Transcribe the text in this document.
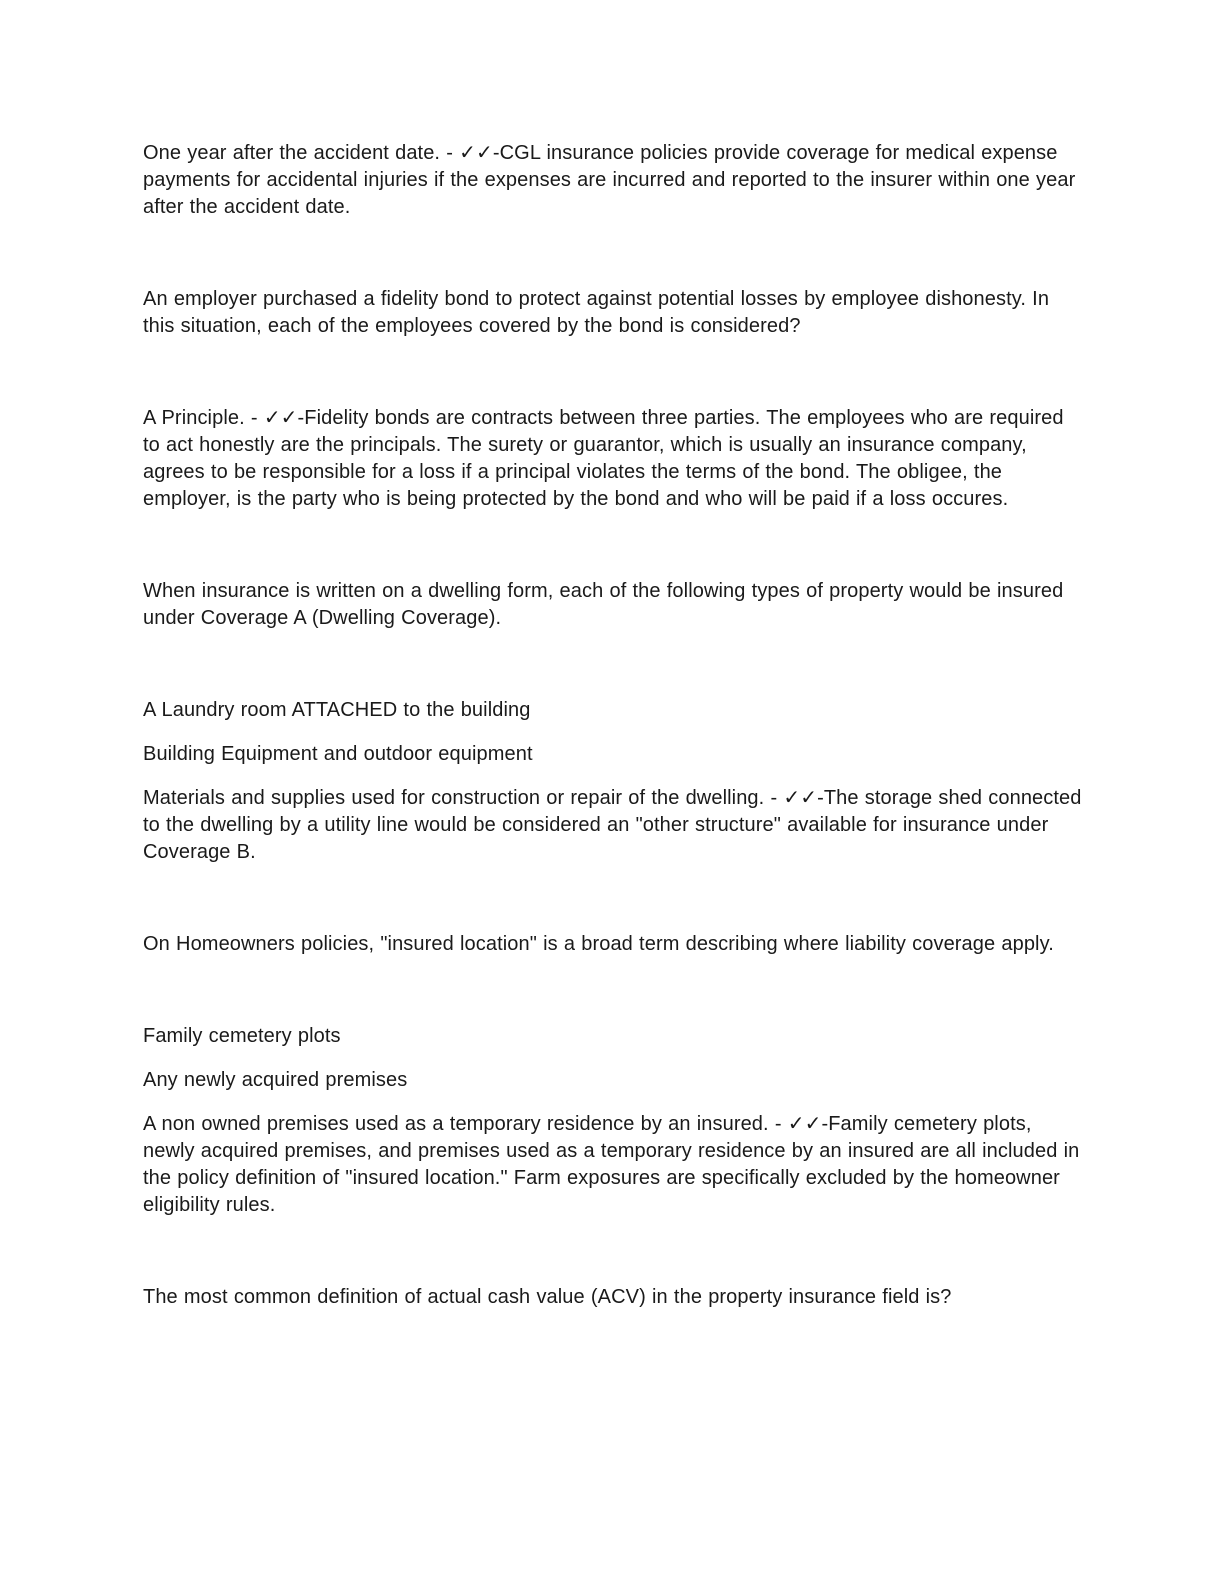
One year after the accident date. - ✓✓-CGL insurance policies provide coverage for medical expense payments for accidental injuries if the expenses are incurred and reported to the insurer within one year after the accident date.

An employer purchased a fidelity bond to protect against potential losses by employee dishonesty. In this situation, each of the employees covered by the bond is considered?

A Principle. - ✓✓-Fidelity bonds are contracts between three parties. The employees who are required to act honestly are the principals. The surety or guarantor, which is usually an insurance company, agrees to be responsible for a loss if a principal violates the terms of the bond. The obligee, the employer, is the party who is being protected by the bond and who will be paid if a loss occures.

When insurance is written on a dwelling form, each of the following types of property would be insured under Coverage A (Dwelling Coverage).

A Laundry room ATTACHED to the building

Building Equipment and outdoor equipment

Materials and supplies used for construction or repair of the dwelling. - ✓✓-The storage shed connected to the dwelling by a utility line would be considered an "other structure" available for insurance under Coverage B.

On Homeowners policies, "insured location" is a broad term describing where liability coverage apply.

Family cemetery plots

Any newly acquired premises

A non owned premises used as a temporary residence by an insured. - ✓✓-Family cemetery plots, newly acquired premises, and premises used as a temporary residence by an insured are all included in the policy definition of "insured location." Farm exposures are specifically excluded by the homeowner eligibility rules.

The most common definition of actual cash value (ACV) in the property insurance field is?
